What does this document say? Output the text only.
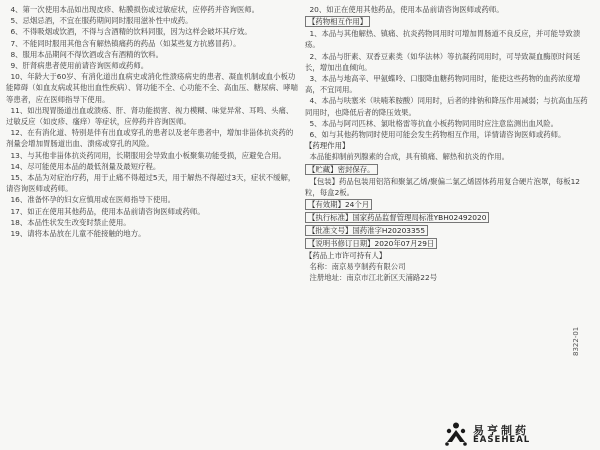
4、第一次使用本品如出现皮疹、粘膜损伤或过敏症状，应停药并咨询医师。

5、忌烟忌酒，不宜在服药期间同时服用滋补性中成药。

6、不得吸烟或饮酒，不得与含酒精的饮料同服，因为这样会破坏其疗效。

7、不能同时服用其他含有解热镇痛药的药品（如某些复方抗感冒药）。

8、服用本品期间不得饮酒或含有酒精的饮料。

9、肝肾病患者使用前请咨询医师或药师。

10、年龄大于60岁、有消化道出血病史或消化性溃疡病史的患者、凝血机制或血小板功能障碍（如血友病或其他出血性疾病）、肾功能不全、心功能不全、高血压、糖尿病、哮喘等患者，应在医师指导下使用。

11、如出现胃肠道出血或溃疡、肝、肾功能损害、视力模糊、味觉异常、耳鸣、头痛、过敏反应（如皮疹、瘙痒）等症状，应停药并咨询医师。

12、在有消化道、特别是伴有出血或穿孔的患者以及老年患者中，增加非甾体抗炎药的剂量会增加胃肠道出血、溃疡或穿孔的风险。

13、与其他非甾体抗炎药同用，长期服用会导致血小板聚集功能受损，应避免合用。

14、尽可能使用本品的最低剂量及最短疗程。

15、本品为对症治疗药，用于止痛不得超过5天，用于解热不得超过3天，症状不缓解，请咨询医师或药师。

16、准备怀孕的妇女应慎用或在医师指导下使用。

17、如正在使用其他药品，使用本品前请咨询医师或药师。

18、本品性状发生改变时禁止使用。

19、请将本品放在儿童不能接触的地方。

20、如正在使用其他药品，使用本品前请咨询医师或药师。

【药物相互作用】

1、本品与其他解热、镇痛、抗炎药物同用时可增加胃肠道不良反应，并可能导致溃疡。

2、本品与肝素、双香豆素类（如华法林）等抗凝药同用时，可导致凝血酶原时间延长，增加出血倾向。

3、本品与地高辛、甲氨蝶呤、口服降血糖药物同用时，能使这些药物的血药浓度增高，不宜同用。

4、本品与呋塞米（呋喃苯胺酸）同用时，后者的排钠和降压作用减弱；与抗高血压药同用时，也降低后者的降压效果。

5、本品与阿司匹林、氯吡格雷等抗血小板药物同用时应注意监测出血风险。

6、如与其他药物同时使用可能会发生药物相互作用，详情请咨询医师或药师。

【药理作用】

本品能抑制前列腺素的合成，具有镇痛、解热和抗炎的作用。

【贮藏】密封保存。

【包装】药品包装用铝箔和聚氯乙烯/聚偏二氯乙烯固体药用复合硬片泡罩，每板12粒，每盒2板。

【有效期】24个月

【执行标准】国家药品监督管理局标准YBH02492020

【批准文号】国药准字H20203355

【说明书修订日期】2020年07月29日

【药品上市许可持有人】

名称：南京易亨制药有限公司

注册地址：南京市江北新区天浦路22号

8322-01
易亨制药
EASEHEAL
